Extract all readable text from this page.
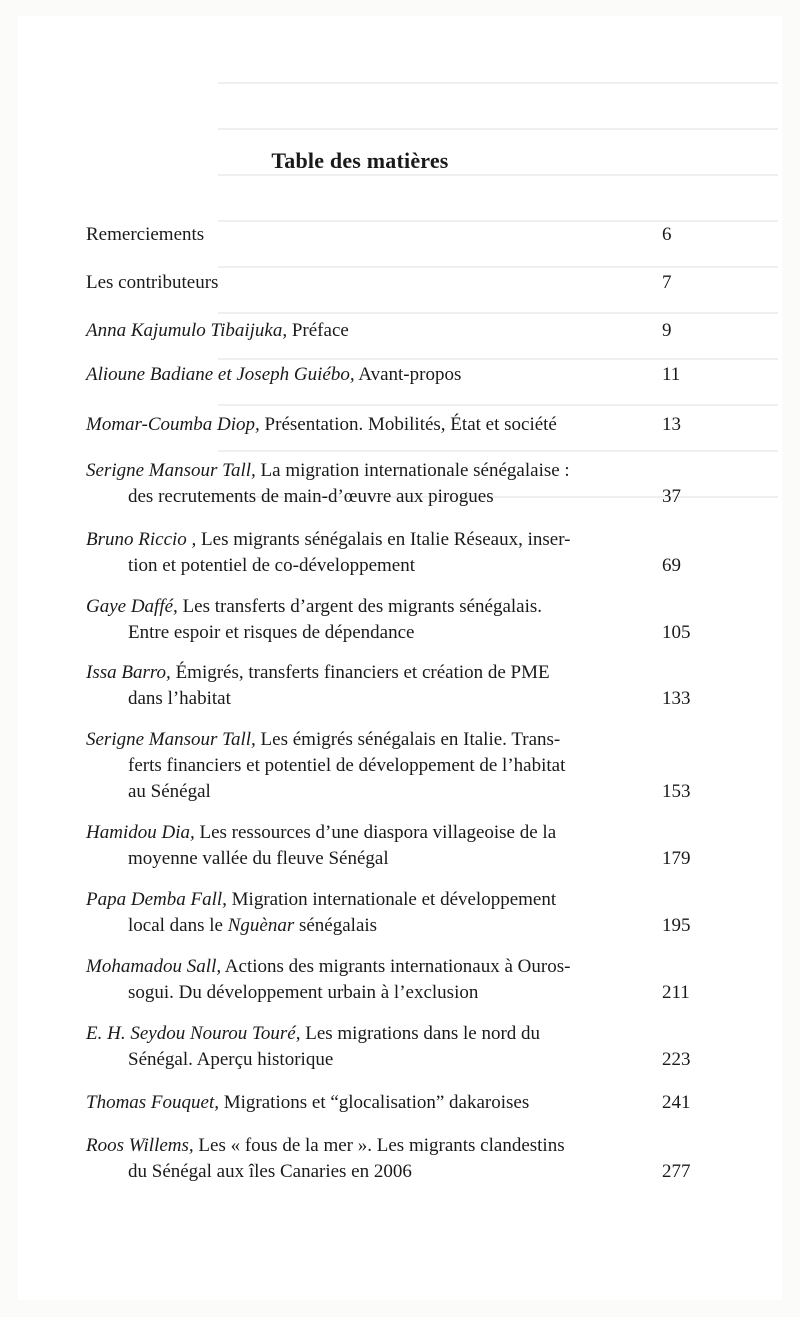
Table des matières
Remerciements	6
Les contributeurs	7
Anna Kajumulo Tibaijuka, Préface	9
Alioune Badiane et Joseph Guiébo, Avant-propos	11
Momar-Coumba Diop, Présentation. Mobilités, État et société	13
Serigne Mansour Tall, La migration internationale sénégalaise :
des recrutements de main-d’œuvre aux pirogues	37
Bruno Riccio , Les migrants sénégalais en Italie Réseaux, inser-
tion et potentiel de co-développement	69
Gaye Daffé, Les transferts d’argent des migrants sénégalais.
Entre espoir et risques de dépendance	105
Issa Barro, Émigrés, transferts financiers et création de PME
dans l’habitat	133
Serigne Mansour Tall, Les émigrés sénégalais en Italie. Trans-
ferts financiers et potentiel de développement de l’habitat
au Sénégal	153
Hamidou Dia, Les ressources d’une diaspora villageoise de la
moyenne vallée du fleuve Sénégal	179
Papa Demba Fall, Migration internationale et développement
local dans le Nguènar sénégalais	195
Mohamadou Sall, Actions des migrants internationaux à Ouros-
sogui. Du développement urbain à l’exclusion	211
E. H. Seydou Nourou Touré, Les migrations dans le nord du
Sénégal. Aperçu historique	223
Thomas Fouquet, Migrations et “glocalisation” dakaroises	241
Roos Willems, Les « fous de la mer ». Les migrants clandestins
du Sénégal aux îles Canaries en 2006	277
